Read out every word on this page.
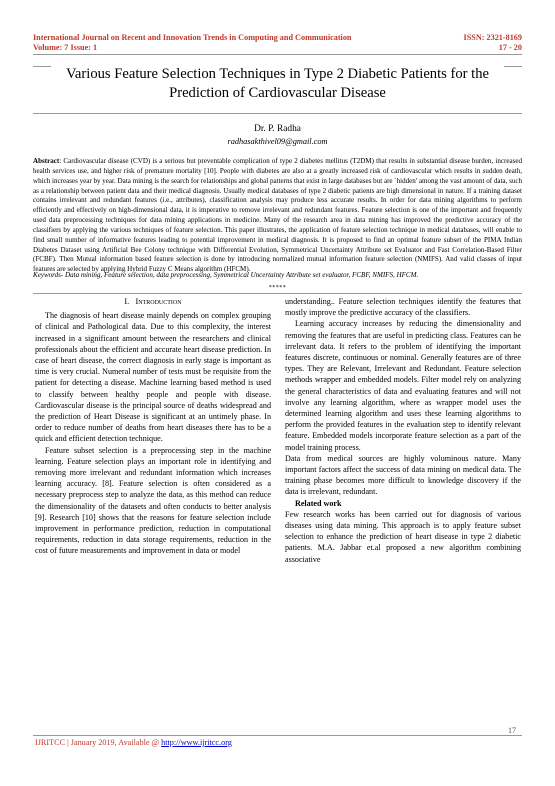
International Journal on Recent and Innovation Trends in Computing and Communication
Volume: 7 Issue: 1
ISSN: 2321-8169
17 - 20
Various Feature Selection Techniques in Type 2 Diabetic Patients for the Prediction of Cardiovascular Disease
Dr. P. Radha
radhasakthivel09@gmail.com

Abstract: Cardiovascular disease (CVD) is a serious but preventable complication of type 2 diabetes mellitus (T2DM) that results in substantial disease burden, increased health services use, and higher risk of premature mortality [10]. People with diabetes are also at a greatly increased risk of cardiovascular which results in sudden death, which increases year by year. Data mining is the search for relationships and global patterns that exist in large databases but are `hidden' among the vast amount of data, such as a relationship between patient data and their medical diagnosis. Usually medical databases of type 2 diabetic patients are high dimensional in nature. If a training dataset contains irrelevant and redundant features (i.e., attributes), classification analysis may produce less accurate results. In order for data mining algorithms to perform efficiently and effectively on high-dimensional data, it is imperative to remove irrelevant and redundant features. Feature selection is one of the important and frequently used data preprocessing techniques for data mining applications in medicine. Many of the research area in data mining has improved the predictive accuracy of the classifiers by applying the various techniques of feature selection. This paper illustrates, the application of feature selection technique in medical databases, will enable to find small number of informative features leading to potential improvement in medical diagnosis. It is proposed to find an optimal feature subset of the PIMA Indian Diabetes Dataset using Artificial Bee Colony technique with Differential Evolution, Symmetrical Uncertainty Attribute set Evaluator and Fast Correlation-Based Filter (FCBF). Then Mutual information based feature selection is done by introducing normalized mutual information feature selection (NMIFS). And valid classes of input features are selected by applying Hybrid Fuzzy C Means algorithm (HFCM).

Keywords- Data mining, Feature selection, data preprocessing, Symmetrical Uncertainty Attribute set evaluator, FCBF, NMIFS, HFCM.

*****
I. Introduction

The diagnosis of heart disease mainly depends on complex grouping of clinical and Pathological data. Due to this complexity, the interest increased in a significant amount between the researchers and clinical professionals about the efficient and accurate heart disease prediction. In case of heart disease, the correct diagnosis in early stage is important as time is very crucial. Numeral number of tests must be requisite from the patient for detecting a disease. Machine learning based method is used to classify between healthy people and people with disease. Cardiovascular disease is the principal source of deaths widespread and the prediction of Heart Disease is significant at an untimely phase. In order to reduce number of deaths from heart diseases there has to be a quick and efficient detection technique.

Feature subset selection is a preprocessing step in the machine learning. Feature selection plays an important role in identifying and removing more irrelevant and redundant information which increases learning accuracy. [8]. Feature selection is often considered as a necessary preprocess step to analyze the data, as this method can reduce the dimensionality of the datasets and often conducts to better analysis [9]. Research [10] shows that the reasons for feature selection include improvement in performance prediction, reduction in computational requirements, reduction in data storage requirements, reduction in the cost of future measurements and improvement in data or model

understanding.. Feature selection techniques identify the features that mostly improve the predictive accuracy of the classifiers.

Learning accuracy increases by reducing the dimensionality and removing the features that are useful in predicting class. Features can be irrelevant data. It refers to the problem of identifying the important features discrete, continuous or nominal. Generally features are of three types. They are Relevant, Irrelevant and Redundant. Feature selection methods wrapper and embedded models. Filter model rely on analyzing the general characteristics of data and evaluating features and will not involve any learning algorithm, where as wrapper model uses the determined learning algorithm and uses these learning algorithms to perform the provided features in the evaluation step to identify relevant feature. Embedded models incorporate feature selection as a part of the model training process.

Data from medical sources are highly voluminous nature. Many important factors affect the success of data mining on medical data. The training phase becomes more difficult to knowledge discovery if the data is irrelevant, redundant.

Related work

Few research works has been carried out for diagnosis of various diseases using data mining. This approach is to apply feature subset selection to enhance the prediction of heart disease in type 2 diabetic patients. M.A. Jabbar et.al proposed a new algorithm combining associative

17
IJRITCC | January 2019, Available @ http://www.ijritcc.org
